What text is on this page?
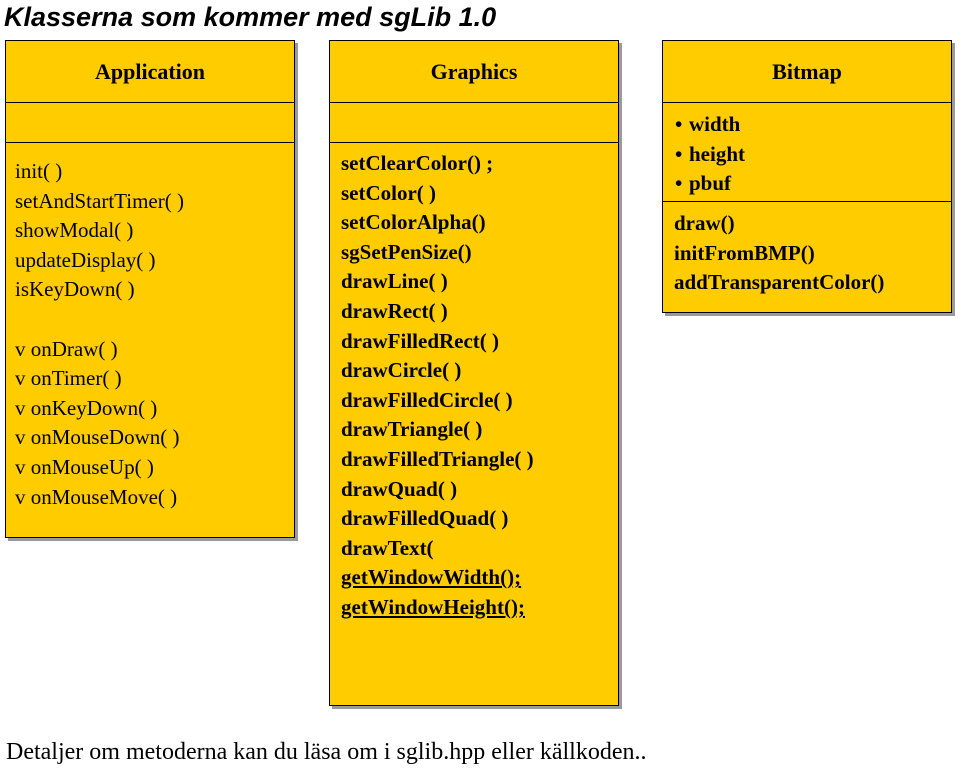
Klasserna som kommer med sgLib 1.0
Application
init( )
setAndStartTimer( )
showModal( )
updateDisplay( )
isKeyDown( )
v onDraw( )
v onTimer( )
v onKeyDown( )
v onMouseDown( )
v onMouseUp( )
v onMouseMove( )
Graphics
setClearColor() ;
setColor( )
setColorAlpha()
sgSetPenSize()
drawLine( )
drawRect( )
drawFilledRect( )
drawCircle( )
drawFilledCircle( )
drawTriangle( )
drawFilledTriangle( )
drawQuad( )
drawFilledQuad( )
drawText(
getWindowWidth();
getWindowHeight();
Bitmap
• width
• height
• pbuf
draw()
initFromBMP()
addTransparentColor()
Detaljer om metoderna kan du läsa om i sglib.hpp eller källkoden..
